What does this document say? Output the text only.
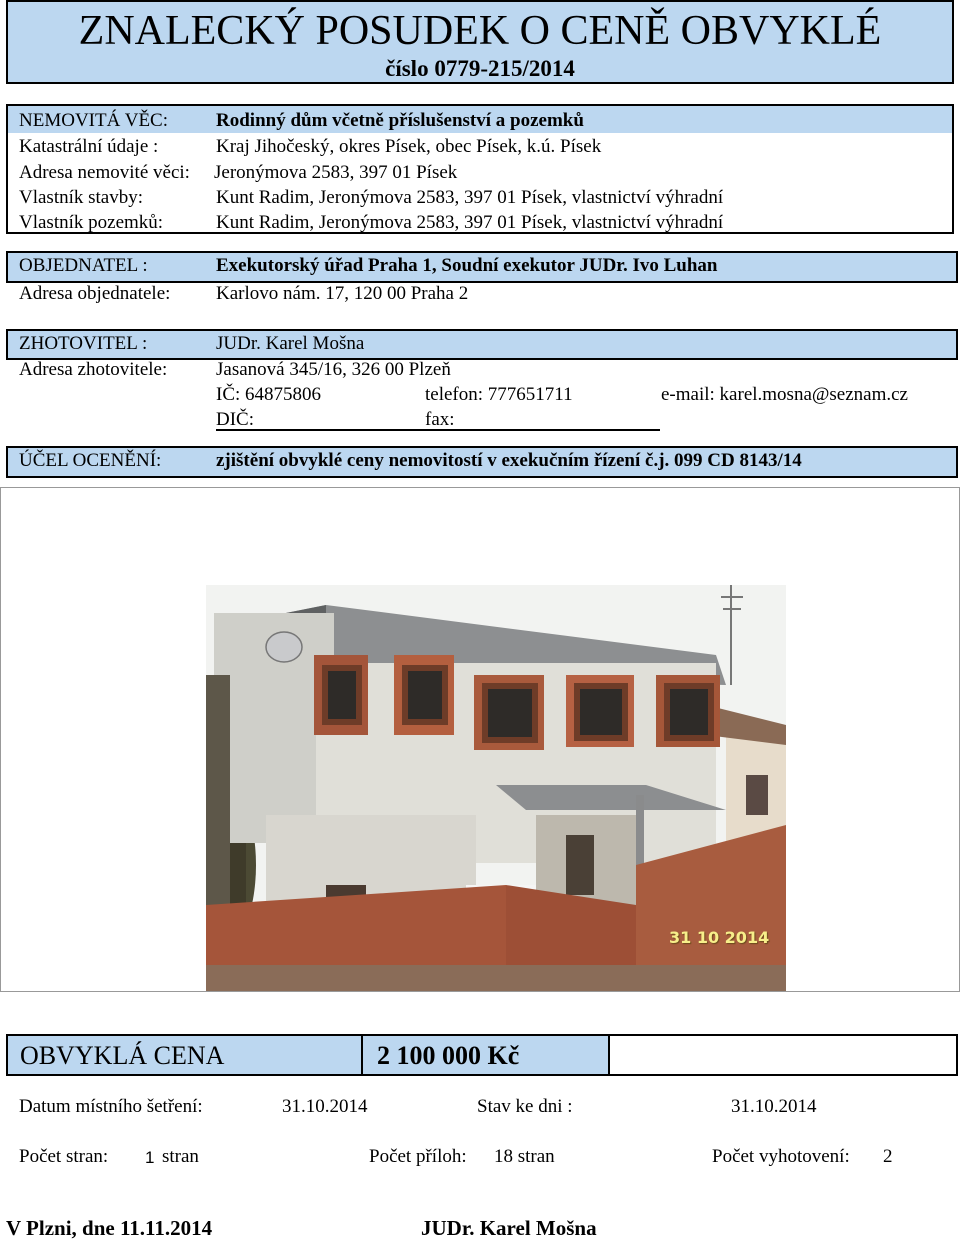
ZNALECKÝ POSUDEK O CENĚ OBVYKLÉ
číslo 0779-215/2014
NEMOVITÁ VĚC:	Rodinný dům včetně příslušenství a pozemků
Katastrální údaje :	Kraj Jihočeský, okres Písek, obec Písek, k.ú. Písek
Adresa nemovité věci: Jeronýmova 2583, 397 01 Písek
Vlastník stavby:	Kunt Radim, Jeronýmova 2583, 397 01 Písek, vlastnictví výhradní
Vlastník pozemků:	Kunt Radim, Jeronýmova 2583, 397 01 Písek, vlastnictví výhradní
OBJEDNATEL :	Exekutorský úřad Praha 1, Soudní exekutor JUDr. Ivo Luhan
Adresa objednatele: Karlovo nám. 17, 120 00 Praha 2
ZHOTOVITEL :	JUDr. Karel Mošna
Adresa zhotovitele:	Jasanová 345/16, 326 00 Plzeň
IČ: 64875806	telefon: 777651711	e-mail: karel.mosna@seznam.cz
DIČ:	fax:
ÚČEL OCENĚNÍ:	zjištění obvyklé ceny nemovitostí v exekučním řízení č.j. 099 CD 8143/14
31 10 2014
OBVYKLÁ CENA	2 100 000 Kč
Datum místního šetření:	31.10.2014	Stav ke dni :	31.10.2014
Počet stran: 1 stran	Počet příloh: 18 stran	Počet vyhotovení: 2
V Plzni, dne 11.11.2014	JUDr. Karel Mošna
